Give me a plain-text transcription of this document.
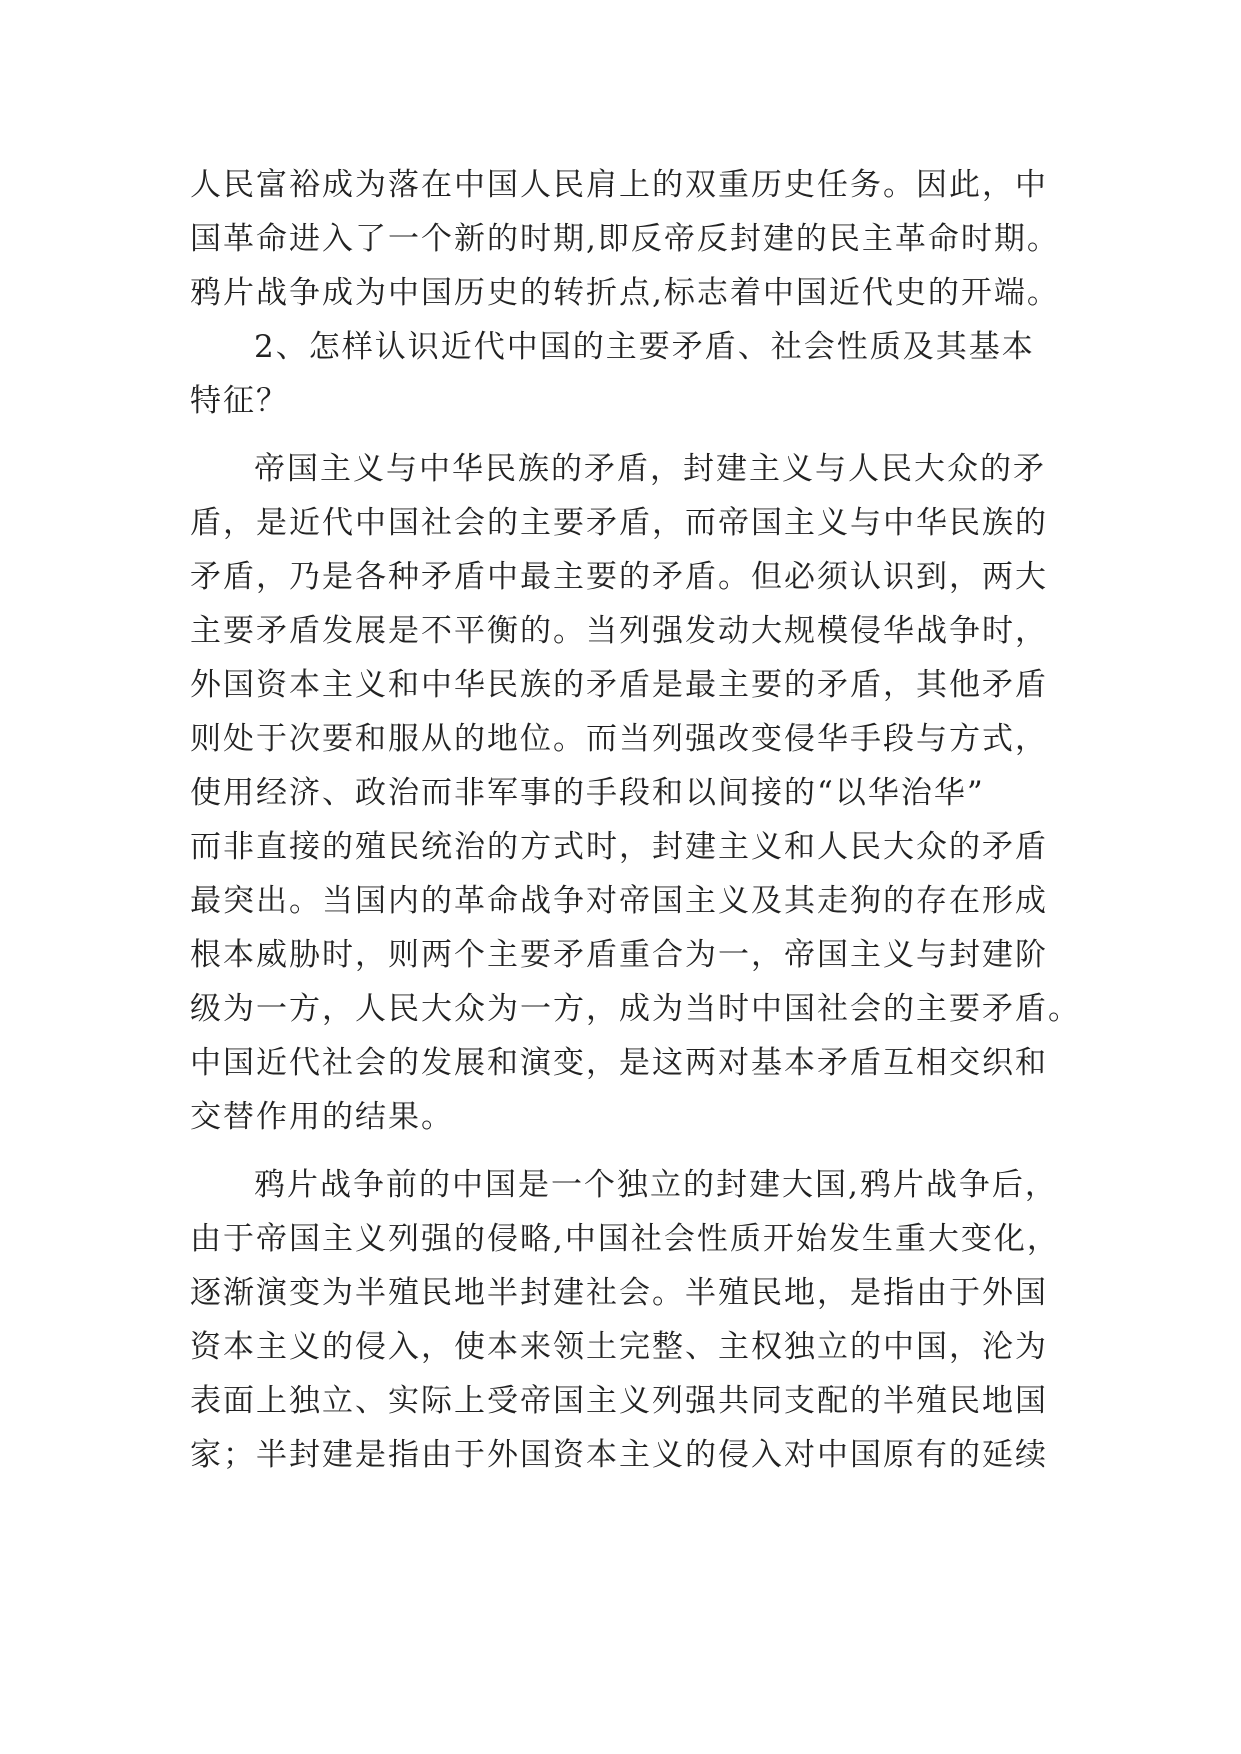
人民富裕成为落在中国人民肩上的双重历史任务。因此，中
国革命进入了一个新的时期,即反帝反封建的民主革命时期。
鸦片战争成为中国历史的转折点,标志着中国近代史的开端。
2、怎样认识近代中国的主要矛盾、社会性质及其基本
特征？
帝国主义与中华民族的矛盾，封建主义与人民大众的矛
盾，是近代中国社会的主要矛盾，而帝国主义与中华民族的
矛盾，乃是各种矛盾中最主要的矛盾。但必须认识到，两大
主要矛盾发展是不平衡的。当列强发动大规模侵华战争时，
外国资本主义和中华民族的矛盾是最主要的矛盾，其他矛盾
则处于次要和服从的地位。而当列强改变侵华手段与方式，
使用经济、政治而非军事的手段和以间接的“以华治华”
而非直接的殖民统治的方式时，封建主义和人民大众的矛盾
最突出。当国内的革命战争对帝国主义及其走狗的存在形成
根本威胁时，则两个主要矛盾重合为一，帝国主义与封建阶
级为一方，人民大众为一方，成为当时中国社会的主要矛盾。
中国近代社会的发展和演变，是这两对基本矛盾互相交织和
交替作用的结果。
鸦片战争前的中国是一个独立的封建大国,鸦片战争后，
由于帝国主义列强的侵略,中国社会性质开始发生重大变化，
逐渐演变为半殖民地半封建社会。半殖民地，是指由于外国
资本主义的侵入，使本来领土完整、主权独立的中国，沦为
表面上独立、实际上受帝国主义列强共同支配的半殖民地国
家；半封建是指由于外国资本主义的侵入对中国原有的延续
